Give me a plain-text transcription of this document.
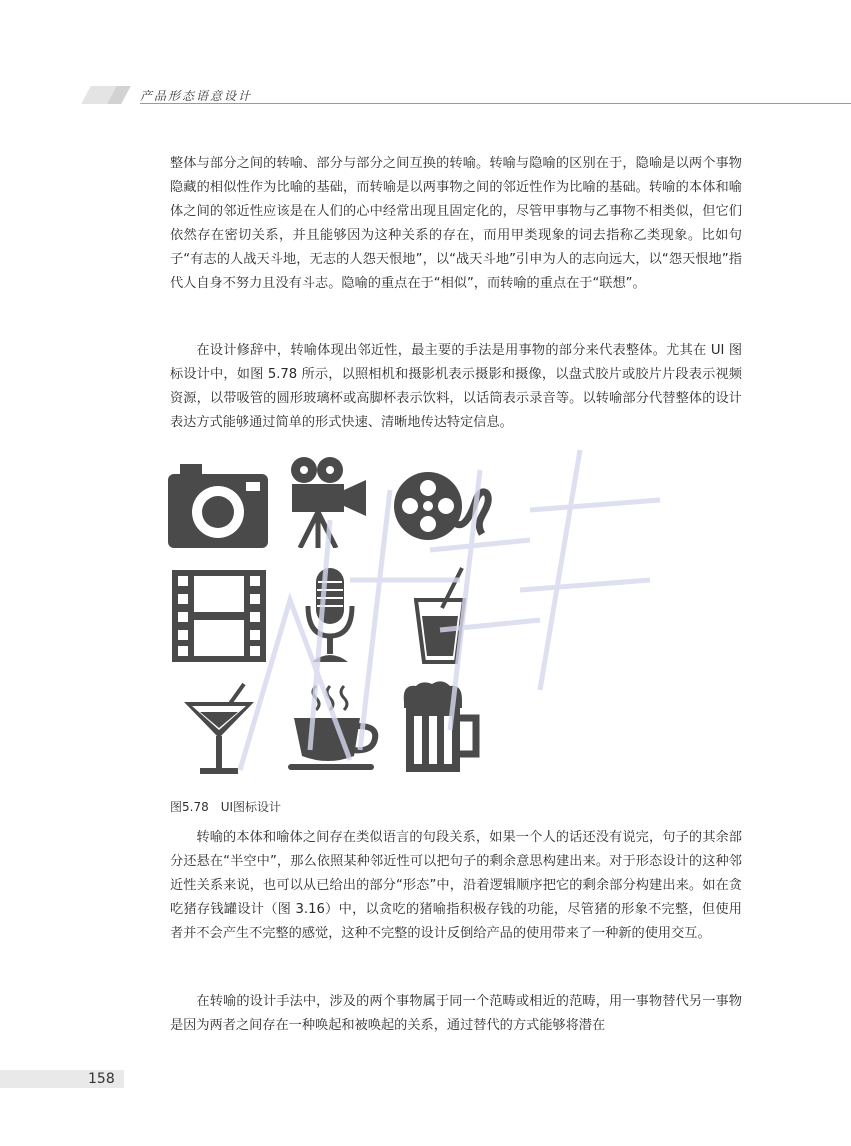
产品形态语意设计

整体与部分之间的转喻、部分与部分之间互换的转喻。转喻与隐喻的区别在于，隐喻是以两个事物隐藏的相似性作为比喻的基础，而转喻是以两事物之间的邻近性作为比喻的基础。转喻的本体和喻体之间的邻近性应该是在人们的心中经常出现且固定化的，尽管甲事物与乙事物不相类似，但它们依然存在密切关系，并且能够因为这种关系的存在，而用甲类现象的词去指称乙类现象。比如句子“有志的人战天斗地，无志的人怨天恨地”，以“战天斗地”引申为人的志向远大，以“怨天恨地”指代人自身不努力且没有斗志。隐喻的重点在于“相似”，而转喻的重点在于“联想”。

在设计修辞中，转喻体现出邻近性，最主要的手法是用事物的部分来代表整体。尤其在 UI 图标设计中，如图 5.78 所示，以照相机和摄影机表示摄影和摄像，以盘式胶片或胶片片段表示视频资源，以带吸管的圆形玻璃杯或高脚杯表示饮料，以话筒表示录音等。以转喻部分代替整体的设计表达方式能够通过简单的形式快速、清晰地传达特定信息。

图5.78　UI图标设计

转喻的本体和喻体之间存在类似语言的句段关系，如果一个人的话还没有说完，句子的其余部分还悬在“半空中”，那么依照某种邻近性可以把句子的剩余意思构建出来。对于形态设计的这种邻近性关系来说，也可以从已给出的部分“形态”中，沿着逻辑顺序把它的剩余部分构建出来。如在贪吃猪存钱罐设计（图 3.16）中，以贪吃的猪喻指积极存钱的功能，尽管猪的形象不完整，但使用者并不会产生不完整的感觉，这种不完整的设计反倒给产品的使用带来了一种新的使用交互。

在转喻的设计手法中，涉及的两个事物属于同一个范畴或相近的范畴，用一事物替代另一事物是因为两者之间存在一种唤起和被唤起的关系，通过替代的方式能够将潜在

158
